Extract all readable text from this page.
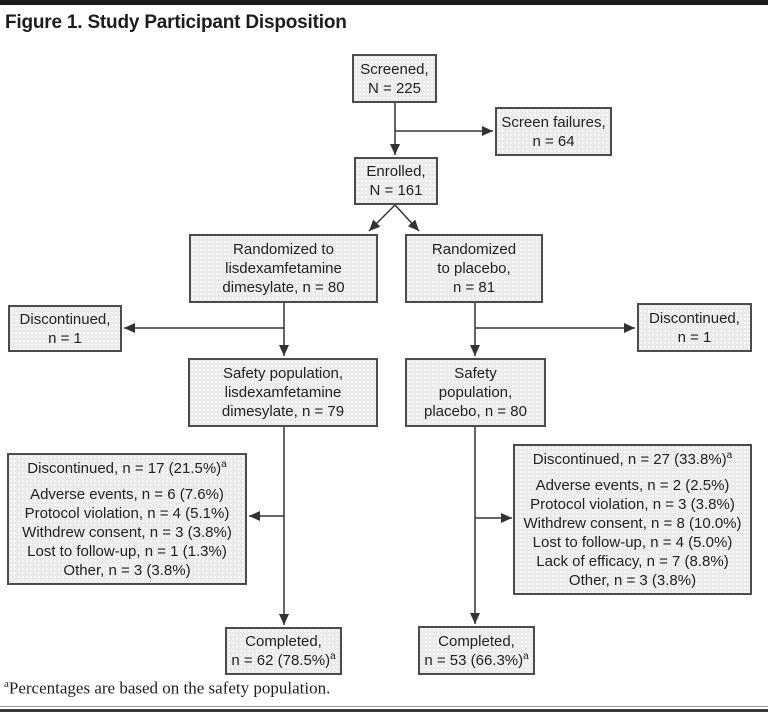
Figure 1. Study Participant Disposition
Screened,
N = 225
Screen failures,
n = 64
Enrolled,
N = 161
Randomized to
lisdexamfetamine
dimesylate, n = 80
Randomized
to placebo,
n = 81
Discontinued,
n = 1
Discontinued,
n = 1
Safety population,
lisdexamfetamine
dimesylate, n = 79
Safety
population,
placebo, n = 80
Discontinued, n = 17 $(21.5\%)^a$
Adverse events, n = 6 (7.6%)
Protocol violation, n = 4 (5.1%)
Withdrew consent, n = 3 (3.8%)
Lost to follow-up, n = 1 (1.3%)
Other, n = 3 (3.8%)
Discontinued, n = 27 $(33.8\%)^a$
Adverse events, n = 2 (2.5%)
Protocol violation, n = 3 (3.8%)
Withdrew consent, n = 8 (10.0%)
Lost to follow-up, n = 4 (5.0%)
Lack of efficacy, n = 7 (8.8%)
Other, n = 3 (3.8%)
Completed,
n = 62 $(78.5\%)^a$
Completed,
n = 53 $(66.3\%)^a$
$^a$Percentages are based on the safety population.
